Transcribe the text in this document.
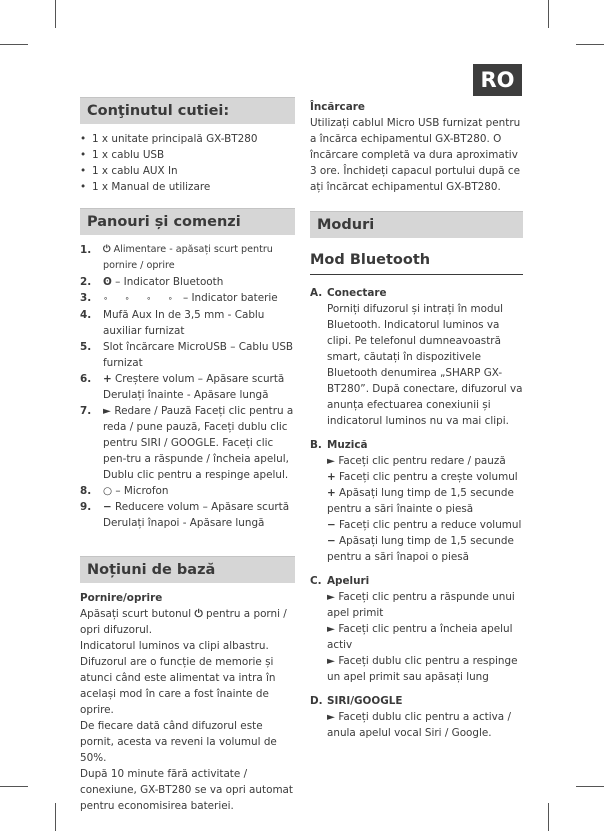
RO
Conţinutul cutiei:
• 1 x unitate principală GX-BT280
• 1 x cablu USB
• 1 x cablu AUX In
• 1 x Manual de utilizare
Panouri și comenzi
1.	⏻ Alimentare - apăsați scurt pentru pornire / oprire
2.	ʘ – Indicator Bluetooth
3.	∘ ∘ ∘ ∘ – Indicator baterie
4.	Mufă Aux In de 3,5 mm - Cablu auxiliar furnizat
5.	Slot încărcare MicroUSB – Cablu USB furnizat
6.	+ Creștere volum – Apăsare scurtă
Derulați înainte - Apăsare lungă
7.	► Redare / Pauză Faceți clic pentru a reda / pune pauză, Faceți dublu clic pentru SIRI / GOOGLE. Faceți clic pen-tru a răspunde / încheia apelul, Dublu clic pentru a respinge apelul.
8.	○ – Microfon
9.	− Reducere volum – Apăsare scurtă
Derulați înapoi - Apăsare lungă
Noțiuni de bază
Pornire/oprire
Apăsați scurt butonul ⏻ pentru a porni / opri difuzorul.
Indicatorul luminos va clipi albastru.
Difuzorul are o funcție de memorie și atunci când este alimentat va intra în același mod în care a fost înainte de oprire.
De fiecare dată când difuzorul este pornit, acesta va reveni la volumul de 50%.
După 10 minute fără activitate / conexiune, GX-BT280 se va opri automat pentru economisirea bateriei.
Încărcare
Utilizați cablul Micro USB furnizat pentru a încărca echipamentul GX-BT280. O încărcare completă va dura aproximativ 3 ore. Închideți capacul portului după ce ați încărcat echipamentul GX-BT280.
Moduri
Mod Bluetooth
A. Conectare
Porniți difuzorul și intrați în modul Bluetooth. Indicatorul luminos va clipi. Pe telefonul dumneavoastră smart, căutați în dispozitivele Bluetooth denumirea „SHARP GX-BT280”. După conectare, difuzorul va anunța efectuarea conexiunii și indicatorul luminos nu va mai clipi.
B. Muzică
► Faceți clic pentru redare / pauză
+ Faceți clic pentru a crește volumul
+ Apăsați lung timp de 1,5 secunde pentru a sări înainte o piesă
− Faceți clic pentru a reduce volumul
− Apăsați lung timp de 1,5 secunde pentru a sări înapoi o piesă
C. Apeluri
► Faceți clic pentru a răspunde unui apel primit
► Faceți clic pentru a încheia apelul activ
► Faceți dublu clic pentru a respinge un apel primit sau apăsați lung
D. SIRI/GOOGLE
► Faceți dublu clic pentru a activa / anula apelul vocal Siri / Google.
